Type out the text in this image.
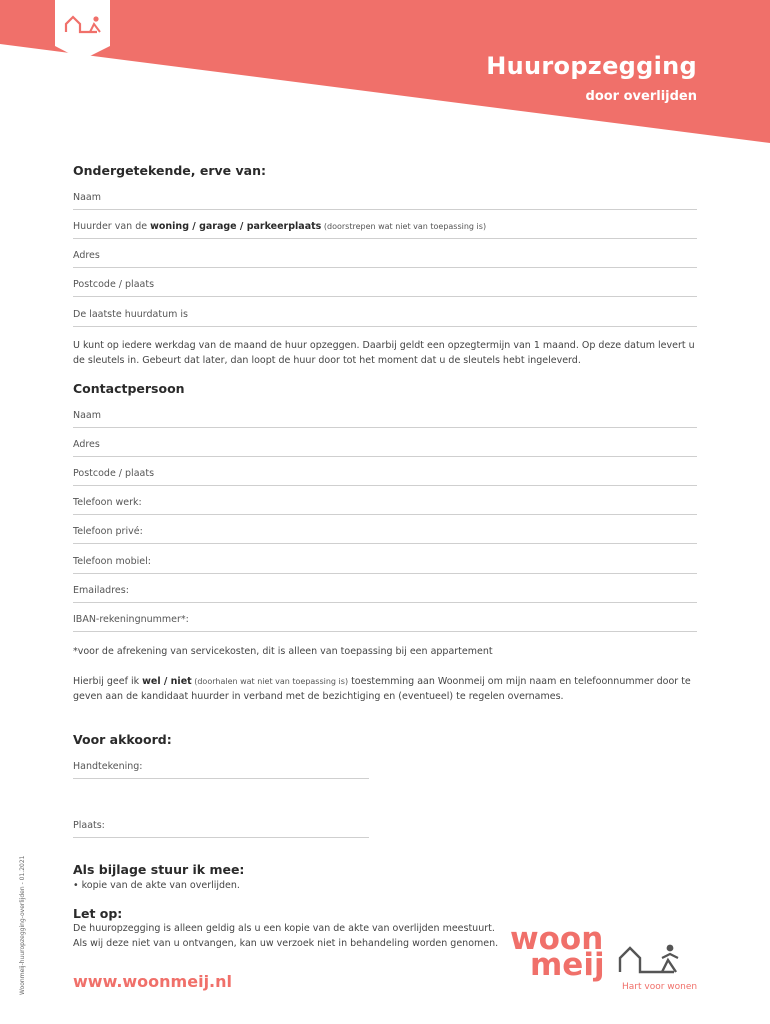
Huuropzegging
door overlijden
Ondergetekende, erve van:
Naam
Huurder van de woning / garage / parkeerplaats (doorstrepen wat niet van toepassing is)
Adres
Postcode / plaats
De laatste huurdatum is
U kunt op iedere werkdag van de maand de huur opzeggen. Daarbij geldt een opzegtermijn van 1 maand. Op deze datum levert u de sleutels in. Gebeurt dat later, dan loopt de huur door tot het moment dat u de sleutels hebt ingeleverd.
Contactpersoon
Naam
Adres
Postcode / plaats
Telefoon werk:
Telefoon privé:
Telefoon mobiel:
Emailadres:
IBAN-rekeningnummer*:
*voor de afrekening van servicekosten, dit is alleen van toepassing bij een appartement
Hierbij geef ik wel / niet (doorhalen wat niet van toepassing is) toestemming aan Woonmeij om mijn naam en telefoonnummer door te geven aan de kandidaat huurder in verband met de bezichtiging en (eventueel) te regelen overnames.
Voor akkoord:
Handtekening:
Plaats:
Als bijlage stuur ik mee:
• kopie van de akte van overlijden.
Let op:
De huuropzegging is alleen geldig als u een kopie van de akte van overlijden meestuurt.
Als wij deze niet van u ontvangen, kan uw verzoek niet in behandeling worden genomen.
Woonmeij-huuropzegging-overlijden - 01.2021	www.woonmeij.nl
woon
meij
Hart voor wonen
